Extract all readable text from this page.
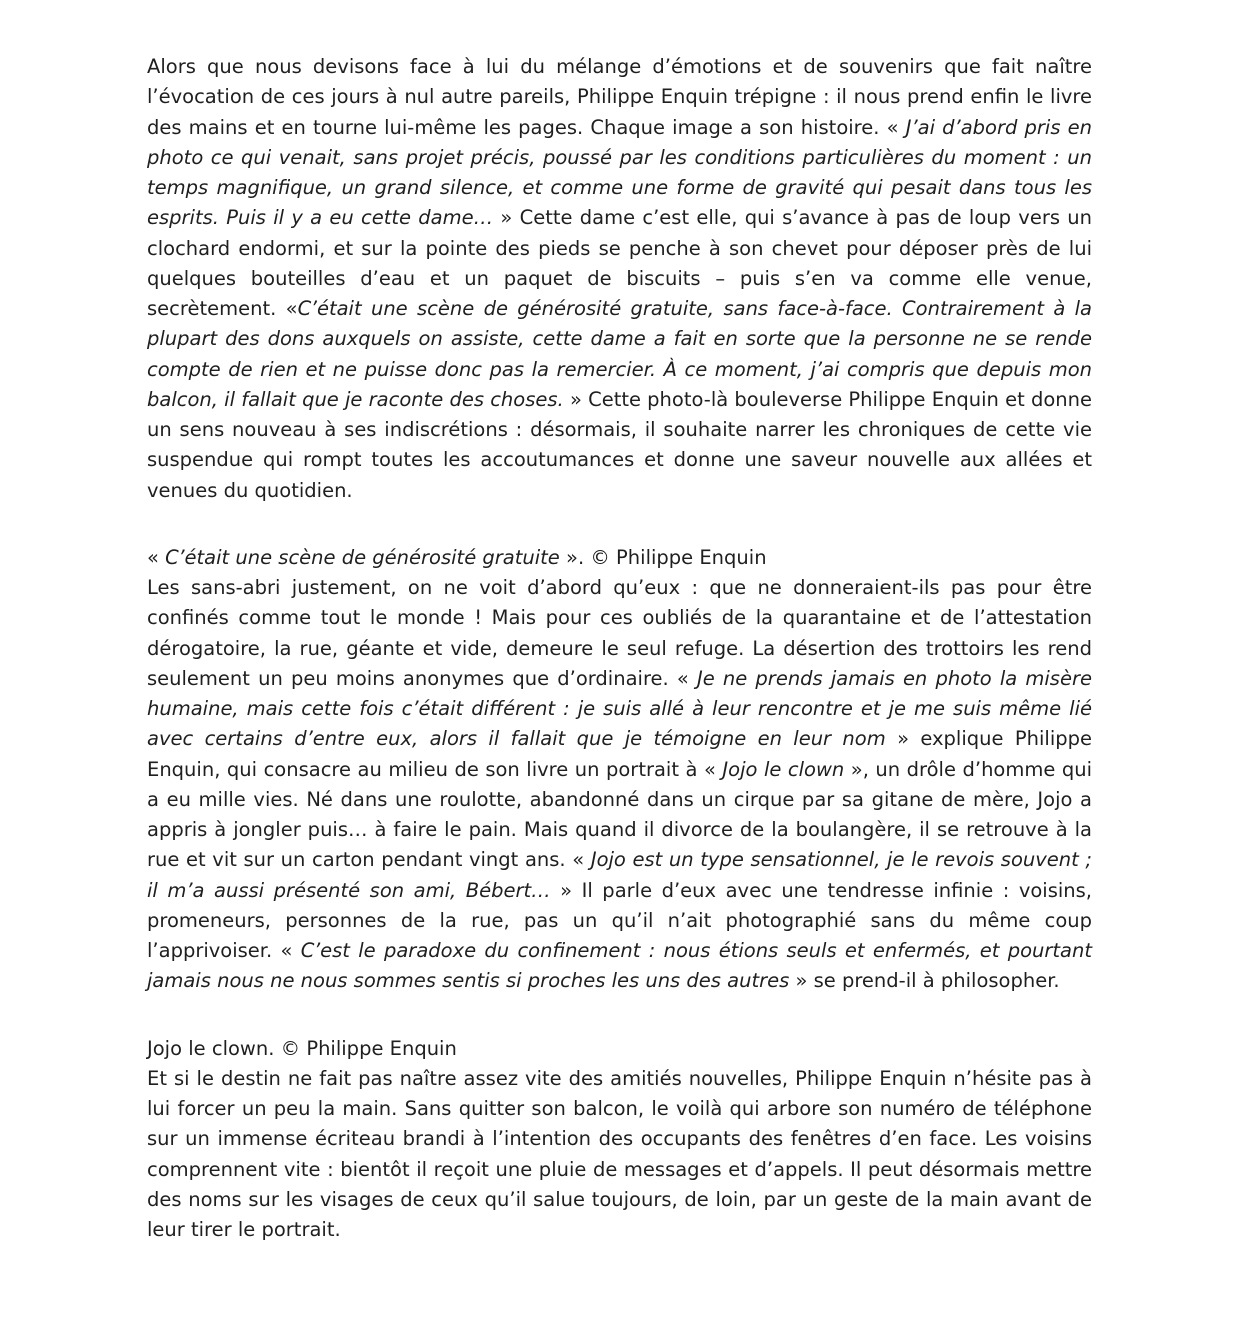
Alors que nous devisons face à lui du mélange d’émotions et de souvenirs que fait naître l’évocation de ces jours à nul autre pareils, Philippe Enquin trépigne : il nous prend enfin le livre des mains et en tourne lui-même les pages. Chaque image a son histoire. « J’ai d’abord pris en photo ce qui venait, sans projet précis, poussé par les conditions particulières du moment : un temps magnifique, un grand silence, et comme une forme de gravité qui pesait dans tous les esprits. Puis il y a eu cette dame… » Cette dame c’est elle, qui s’avance à pas de loup vers un clochard endormi, et sur la pointe des pieds se penche à son chevet pour déposer près de lui quelques bouteilles d’eau et un paquet de biscuits – puis s’en va comme elle venue, secrètement. «C’était une scène de générosité gratuite, sans face-à-face. Contrairement à la plupart des dons auxquels on assiste, cette dame a fait en sorte que la personne ne se rende compte de rien et ne puisse donc pas la remercier. À ce moment, j’ai compris que depuis mon balcon, il fallait que je raconte des choses. » Cette photo-là bouleverse Philippe Enquin et donne un sens nouveau à ses indiscrétions : désormais, il souhaite narrer les chroniques de cette vie suspendue qui rompt toutes les accoutumances et donne une saveur nouvelle aux allées et venues du quotidien.

« C’était une scène de générosité gratuite ». © Philippe Enquin

Les sans-abri justement, on ne voit d’abord qu’eux : que ne donneraient-ils pas pour être confinés comme tout le monde ! Mais pour ces oubliés de la quarantaine et de l’attestation dérogatoire, la rue, géante et vide, demeure le seul refuge. La désertion des trottoirs les rend seulement un peu moins anonymes que d’ordinaire. « Je ne prends jamais en photo la misère humaine, mais cette fois c’était différent : je suis allé à leur rencontre et je me suis même lié avec certains d’entre eux, alors il fallait que je témoigne en leur nom » explique Philippe Enquin, qui consacre au milieu de son livre un portrait à « Jojo le clown », un drôle d’homme qui a eu mille vies. Né dans une roulotte, abandonné dans un cirque par sa gitane de mère, Jojo a appris à jongler puis… à faire le pain. Mais quand il divorce de la boulangère, il se retrouve à la rue et vit sur un carton pendant vingt ans. « Jojo est un type sensationnel, je le revois souvent ; il m’a aussi présenté son ami, Bébert… » Il parle d’eux avec une tendresse infinie : voisins, promeneurs, personnes de la rue, pas un qu’il n’ait photographié sans du même coup l’apprivoiser. « C’est le paradoxe du confinement : nous étions seuls et enfermés, et pourtant jamais nous ne nous sommes sentis si proches les uns des autres » se prend-il à philosopher.

Jojo le clown. © Philippe Enquin

Et si le destin ne fait pas naître assez vite des amitiés nouvelles, Philippe Enquin n’hésite pas à lui forcer un peu la main. Sans quitter son balcon, le voilà qui arbore son numéro de téléphone sur un immense écriteau brandi à l’intention des occupants des fenêtres d’en face. Les voisins comprennent vite : bientôt il reçoit une pluie de messages et d’appels. Il peut désormais mettre des noms sur les visages de ceux qu’il salue toujours, de loin, par un geste de la main avant de leur tirer le portrait.
